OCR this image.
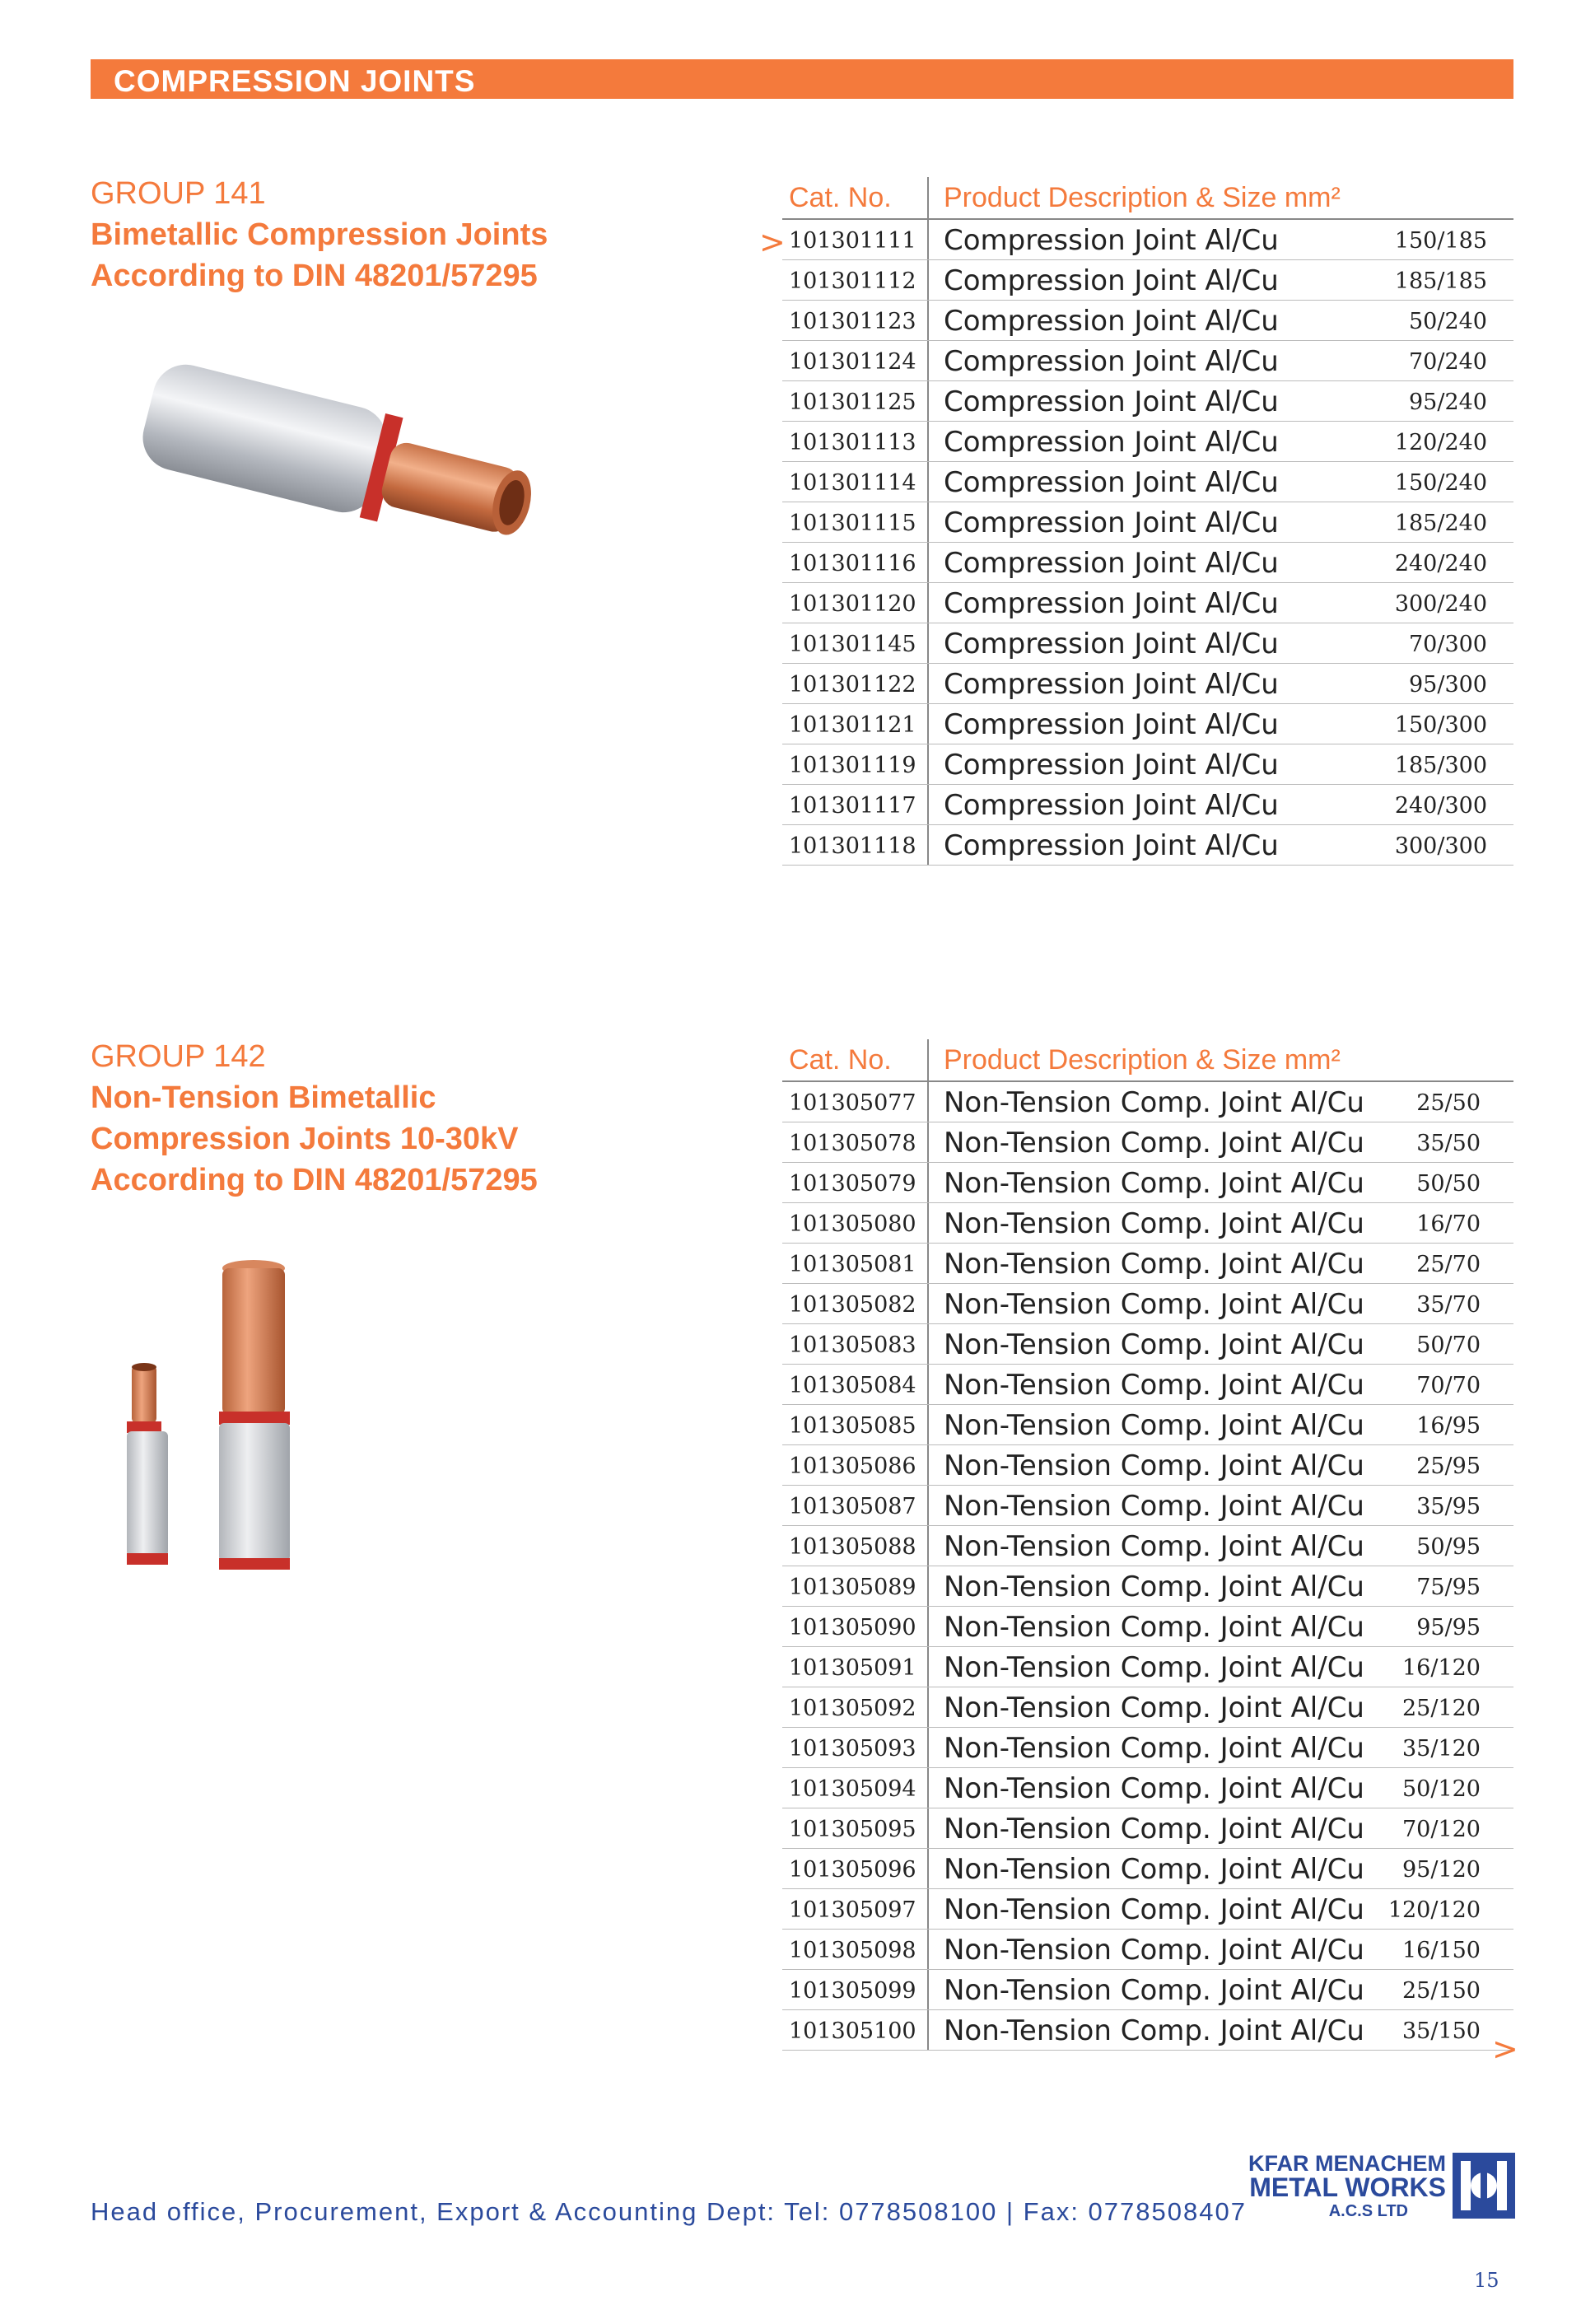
COMPRESSION JOINTS
GROUP 141
Bimetallic Compression Joints
According to DIN 48201/57295
Cat. No. Product Description & Size mm²
101301111 Compression Joint Al/Cu	150/185
101301112 Compression Joint Al/Cu	185/185
101301123 Compression Joint Al/Cu	50/240
101301124 Compression Joint Al/Cu	70/240
101301125 Compression Joint Al/Cu	95/240
101301113 Compression Joint Al/Cu	120/240
101301114 Compression Joint Al/Cu	150/240
101301115 Compression Joint Al/Cu	185/240
101301116 Compression Joint Al/Cu	240/240
101301120 Compression Joint Al/Cu	300/240
101301145 Compression Joint Al/Cu	70/300
101301122 Compression Joint Al/Cu	95/300
101301121 Compression Joint Al/Cu	150/300
101301119 Compression Joint Al/Cu	185/300
101301117 Compression Joint Al/Cu	240/300
101301118 Compression Joint Al/Cu	300/300
>
GROUP 142
Non-Tension Bimetallic
Compression Joints 10-30kV
According to DIN 48201/57295
Cat. No. Product Description & Size mm²
101305077 Non-Tension Comp. Joint Al/Cu 25/50
101305078 Non-Tension Comp. Joint Al/Cu 35/50
101305079 Non-Tension Comp. Joint Al/Cu 50/50
101305080 Non-Tension Comp. Joint Al/Cu 16/70
101305081 Non-Tension Comp. Joint Al/Cu 25/70
101305082 Non-Tension Comp. Joint Al/Cu 35/70
101305083 Non-Tension Comp. Joint Al/Cu 50/70
101305084 Non-Tension Comp. Joint Al/Cu 70/70
101305085 Non-Tension Comp. Joint Al/Cu 16/95
101305086 Non-Tension Comp. Joint Al/Cu 25/95
101305087 Non-Tension Comp. Joint Al/Cu 35/95
101305088 Non-Tension Comp. Joint Al/Cu 50/95
101305089 Non-Tension Comp. Joint Al/Cu 75/95
101305090 Non-Tension Comp. Joint Al/Cu 95/95
101305091 Non-Tension Comp. Joint Al/Cu 16/120
101305092 Non-Tension Comp. Joint Al/Cu 25/120
101305093 Non-Tension Comp. Joint Al/Cu 35/120
101305094 Non-Tension Comp. Joint Al/Cu 50/120
101305095 Non-Tension Comp. Joint Al/Cu 70/120
101305096 Non-Tension Comp. Joint Al/Cu 95/120
101305097 Non-Tension Comp. Joint Al/Cu 120/120
101305098 Non-Tension Comp. Joint Al/Cu 16/150
101305099 Non-Tension Comp. Joint Al/Cu 25/150
101305100 Non-Tension Comp. Joint Al/Cu 35/150 >
Head office, Procurement, Export & Accounting Dept: Tel: 0778508100 | Fax: 0778508407
KFAR MENACHEM
METAL WORKS
A.C.S LTD
15
